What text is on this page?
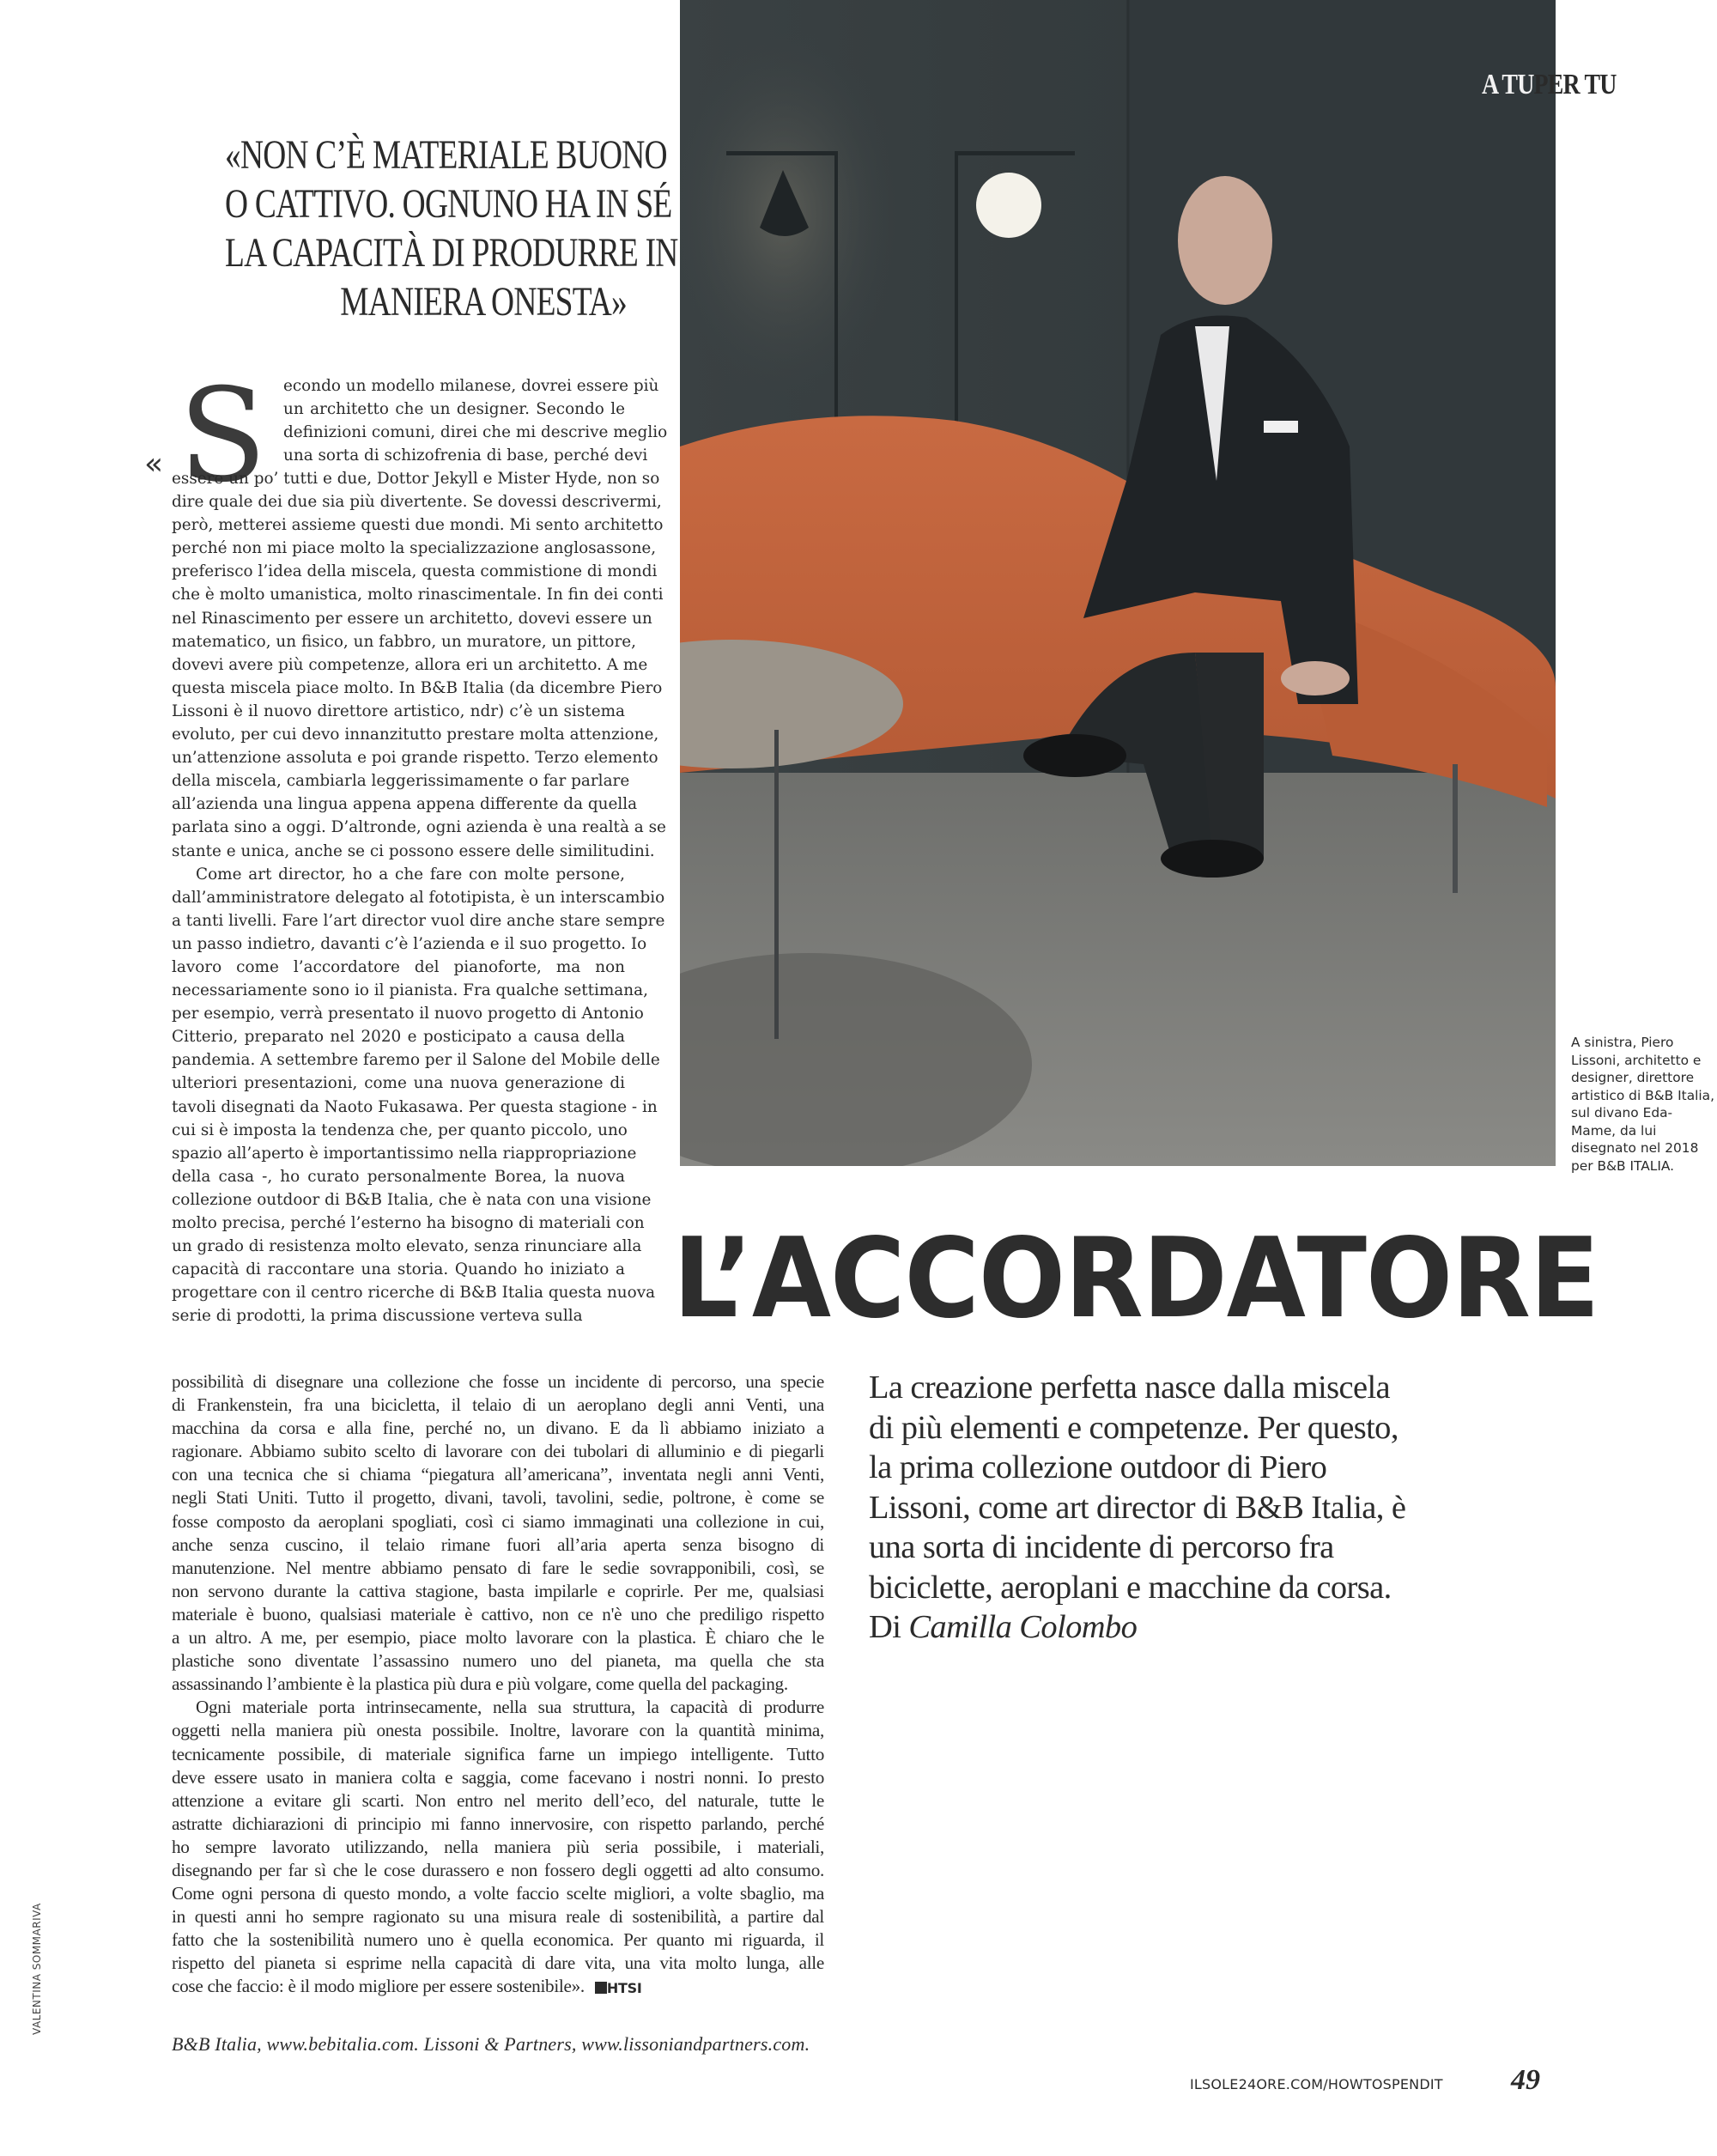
A TUPER TU
«NON C’È MATERIALE BUONO
O CATTIVO. OGNUNO HA IN SÉ
LA CAPACITÀ DI PRODURRE IN
MANIERA ONESTA»
« S econdo un modello milanese, dovrei essere più
un architetto che un designer. Secondo le
definizioni comuni, direi che mi descrive meglio
una sorta di schizofrenia di base, perché devi
essere un po’ tutti e due, Dottor Jekyll e Mister Hyde, non so
dire quale dei due sia più divertente. Se dovessi descrivermi,
però, metterei assieme questi due mondi. Mi sento architetto
perché non mi piace molto la specializzazione anglosassone,
preferisco l’idea della miscela, questa commistione di mondi
che è molto umanistica, molto rinascimentale. In fin dei conti
nel Rinascimento per essere un architetto, dovevi essere un
matematico, un fisico, un fabbro, un muratore, un pittore,
dovevi avere più competenze, allora eri un architetto. A me
questa miscela piace molto. In B&B Italia (da dicembre Piero
Lissoni è il nuovo direttore artistico, ndr) c’è un sistema
evoluto, per cui devo innanzitutto prestare molta attenzione,
un’attenzione assoluta e poi grande rispetto. Terzo elemento
della miscela, cambiarla leggerissimamente o far parlare
all’azienda una lingua appena appena differente da quella
parlata sino a oggi. D’altronde, ogni azienda è una realtà a se
stante e unica, anche se ci possono essere delle similitudini.
Come art director, ho a che fare con molte persone,
dall’amministratore delegato al fototipista, è un interscambio
a tanti livelli. Fare l’art director vuol dire anche stare sempre
un passo indietro, davanti c’è l’azienda e il suo progetto. Io
lavoro come l’accordatore del pianoforte, ma non
necessariamente sono io il pianista. Fra qualche settimana,
per esempio, verrà presentato il nuovo progetto di Antonio
Citterio, preparato nel 2020 e posticipato a causa della
pandemia. A settembre faremo per il Salone del Mobile delle
ulteriori presentazioni, come una nuova generazione di
tavoli disegnati da Naoto Fukasawa. Per questa stagione - in
cui si è imposta la tendenza che, per quanto piccolo, uno
spazio all’aperto è importantissimo nella riappropriazione
della casa -, ho curato personalmente Borea, la nuova
collezione outdoor di B&B Italia, che è nata con una visione
molto precisa, perché l’esterno ha bisogno di materiali con
un grado di resistenza molto elevato, senza rinunciare alla
capacità di raccontare una storia. Quando ho iniziato a
progettare con il centro ricerche di B&B Italia questa nuova
serie di prodotti, la prima discussione verteva sulla
possibilità di disegnare una collezione che fosse un incidente di percorso, una specie
di Frankenstein, fra una bicicletta, il telaio di un aeroplano degli anni Venti, una
macchina da corsa e alla fine, perché no, un divano. E da lì abbiamo iniziato a
ragionare. Abbiamo subito scelto di lavorare con dei tubolari di alluminio e di piegarli
con una tecnica che si chiama “piegatura all’americana”, inventata negli anni Venti,
negli Stati Uniti. Tutto il progetto, divani, tavoli, tavolini, sedie, poltrone, è come se
fosse composto da aeroplani spogliati, così ci siamo immaginati una collezione in cui,
anche senza cuscino, il telaio rimane fuori all’aria aperta senza bisogno di
manutenzione. Nel mentre abbiamo pensato di fare le sedie sovrapponibili, così, se
non servono durante la cattiva stagione, basta impilarle e coprirle. Per me, qualsiasi
materiale è buono, qualsiasi materiale è cattivo, non ce n'è uno che prediligo rispetto
a un altro. A me, per esempio, piace molto lavorare con la plastica. È chiaro che le
plastiche sono diventate l’assassino numero uno del pianeta, ma quella che sta
assassinando l’ambiente è la plastica più dura e più volgare, come quella del packaging.
Ogni materiale porta intrinsecamente, nella sua struttura, la capacità di produrre
oggetti nella maniera più onesta possibile. Inoltre, lavorare con la quantità minima,
tecnicamente possibile, di materiale significa farne un impiego intelligente. Tutto
deve essere usato in maniera colta e saggia, come facevano i nostri nonni. Io presto
attenzione a evitare gli scarti. Non entro nel merito dell’eco, del naturale, tutte le
astratte dichiarazioni di principio mi fanno innervosire, con rispetto parlando, perché
ho sempre lavorato utilizzando, nella maniera più seria possibile, i materiali,
disegnando per far sì che le cose durassero e non fossero degli oggetti ad alto consumo.
Come ogni persona di questo mondo, a volte faccio scelte migliori, a volte sbaglio, ma
in questi anni ho sempre ragionato su una misura reale di sostenibilità, a partire dal
fatto che la sostenibilità numero uno è quella economica. Per quanto mi riguarda, il
rispetto del pianeta si esprime nella capacità di dare vita, una vita molto lunga, alle
cose che faccio: è il modo migliore per essere sostenibile».	HTSI
B&B Italia, www.bebitalia.com. Lissoni & Partners, www.lissoniandpartners.com.
L’ACCORDATORE
La creazione perfetta nasce dalla miscela
di più elementi e competenze. Per questo,
la prima collezione outdoor di Piero
Lissoni, come art director di B&B Italia, è
una sorta di incidente di percorso fra
biciclette, aeroplani e macchine da corsa.
Di Camilla Colombo
A sinistra, Piero Lissoni, architetto e designer, direttore artistico di B&B Italia, sul divano Eda-Mame, da lui disegnato nel 2018 per B&B ITALIA.
ILSOLE24ORE.COM/HOWTOSPENDIT 49
VALENTINA SOMMARIVA
